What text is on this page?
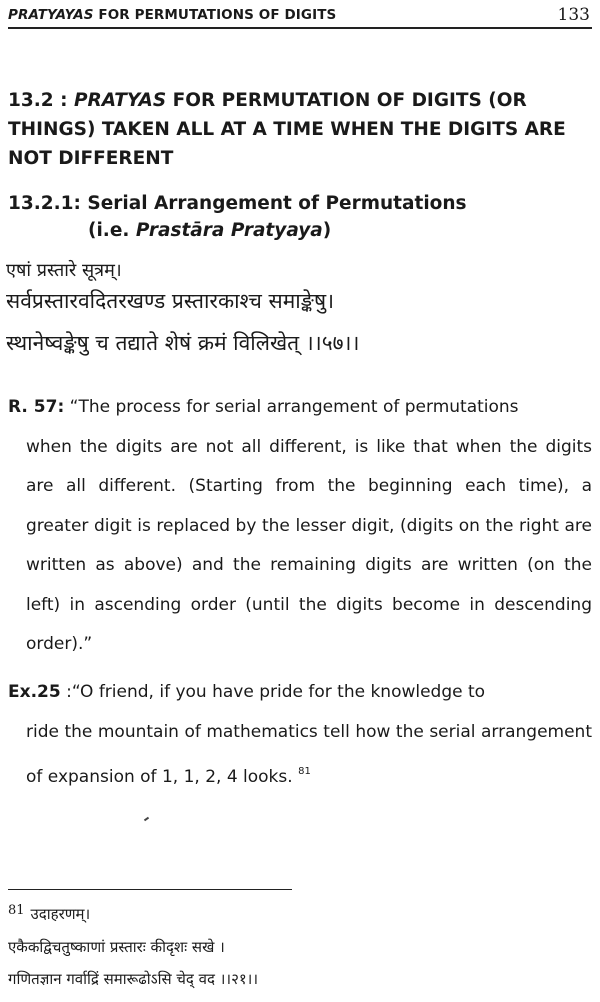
PRATYAYAS FOR PERMUTATIONS OF DIGITS	133
13.2 : PRATYAS FOR PERMUTATION OF DIGITS (OR THINGS) TAKEN ALL AT A TIME WHEN THE DIGITS ARE NOT DIFFERENT
13.2.1: Serial Arrangement of Permutations
(i.e. Prastāra Pratyaya)
एषां प्रस्तारे सूत्रम्।
सर्वप्रस्तारवदितरखण्ड प्रस्तारकाश्च समाङ्केषु।
स्थानेष्वङ्केषु च तद्याते शेषं क्रमं विलिखेत् ।।५७।।
R. 57: “The process for serial arrangement of permutations
when the digits are not all different, is like that when the digits are all different. (Starting from the beginning each time), a greater digit is replaced by the lesser digit, (digits on the right are written as above) and the remaining digits are written (on the left) in ascending order (until the digits become in descending order).”
Ex.25 :“O friend, if you have pride for the knowledge to
ride the mountain of mathematics tell how the serial arrangement of expansion of 1, 1, 2, 4 looks. $^{81}$
81 उदाहरणम्।
एकैकद्विचतुष्काणां प्रस्तारः कीदृशः सखे ।
गणितज्ञान गर्वाद्रिं समारूढोऽसि चेद् वद ।।२१।।
